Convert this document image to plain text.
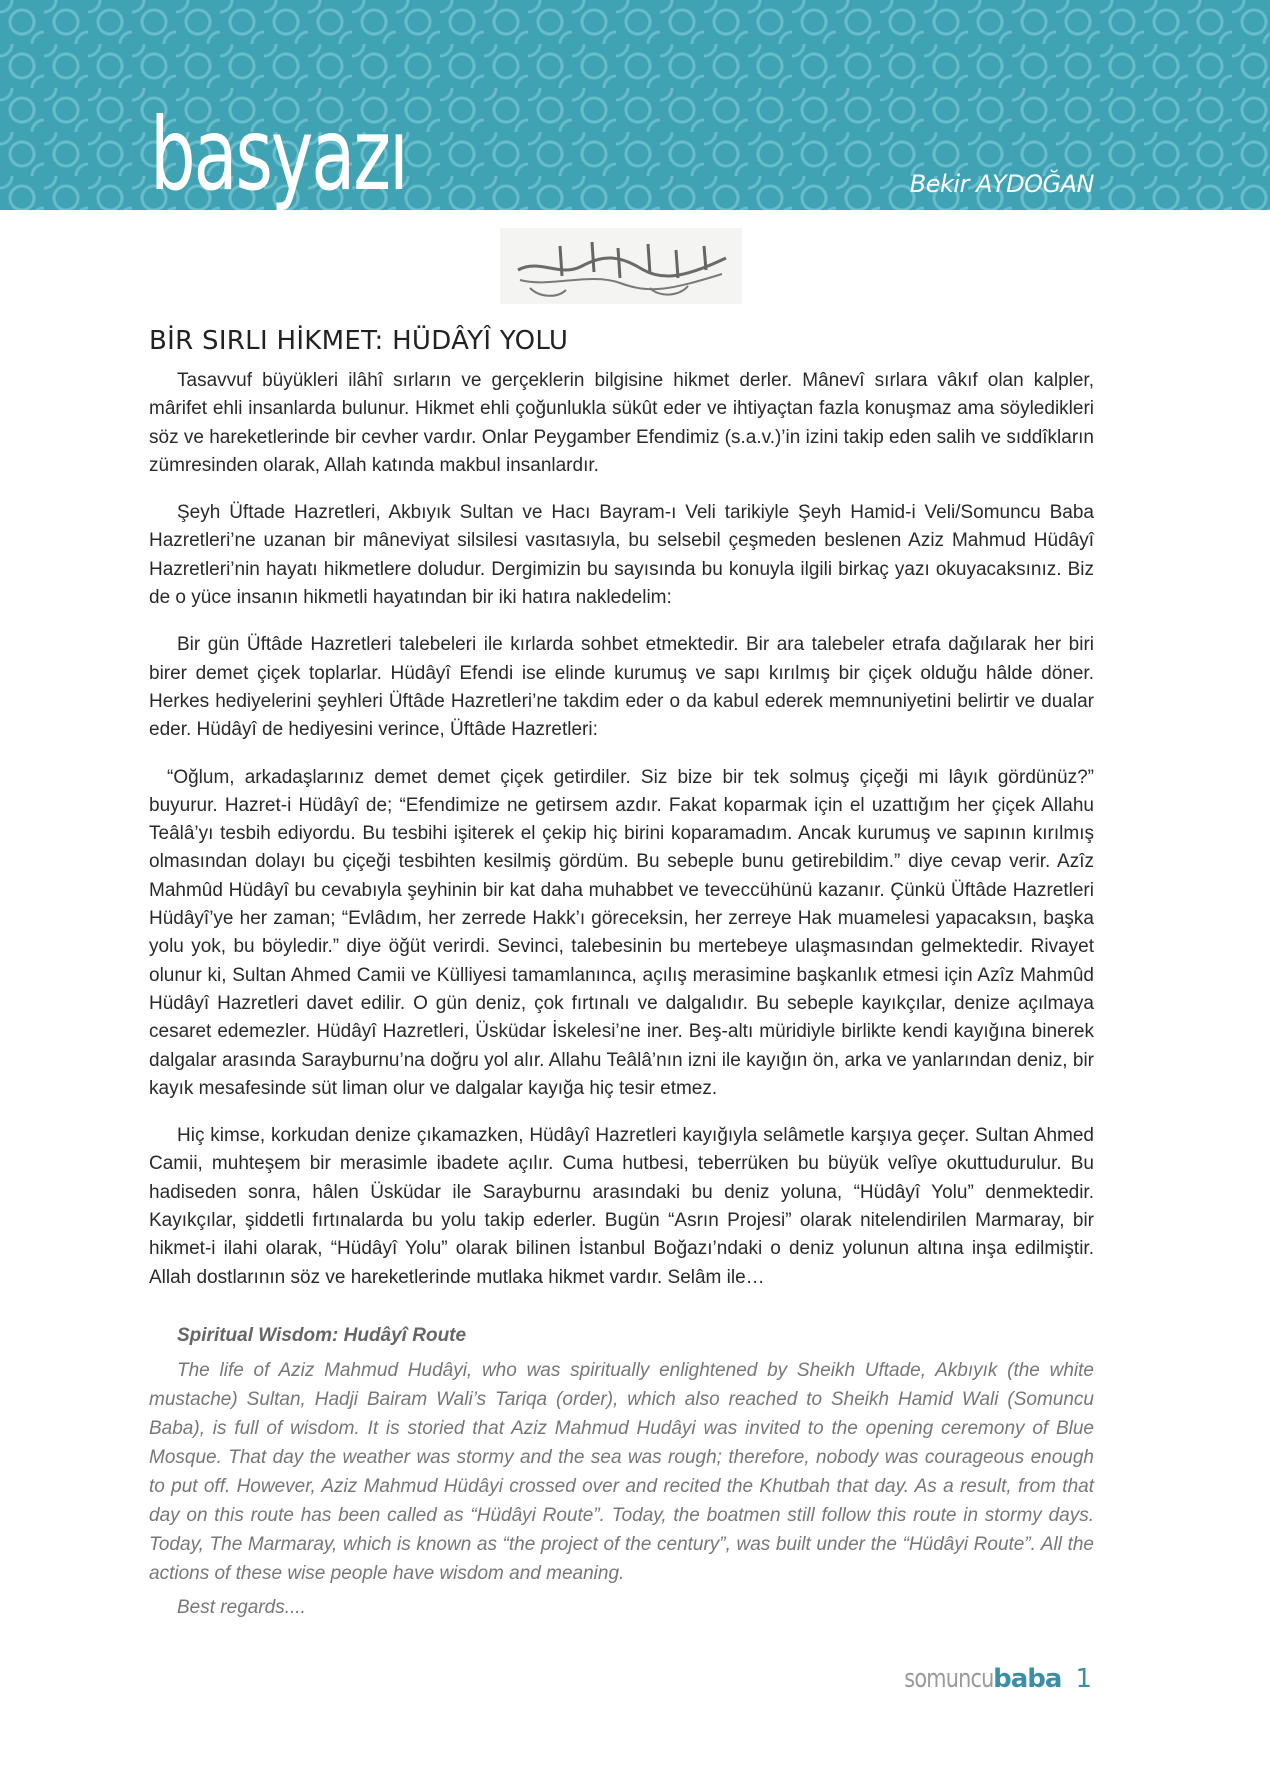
basyazı	Bekir AYDOĞAN
BİR SIRLI HİKMET: HÜDÂYÎ YOLU

Tasavvuf büyükleri ilâhî sırların ve gerçeklerin bilgisine hikmet derler. Mânevî sırlara vâkıf olan kalpler, mârifet ehli insanlarda bulunur. Hikmet ehli çoğunlukla sükût eder ve ihtiyaçtan fazla konuşmaz ama söyledikleri söz ve hareketlerinde bir cevher vardır. Onlar Peygamber Efendimiz (s.a.v.)’in izini takip eden salih ve sıddîkların zümresinden olarak, Allah katında makbul insanlardır.

Şeyh Üftade Hazretleri, Akbıyık Sultan ve Hacı Bayram-ı Veli tarikiyle Şeyh Hamid-i Veli/Somuncu Baba Hazretleri’ne uzanan bir mâneviyat silsilesi vasıtasıyla, bu selsebil çeşmeden beslenen Aziz Mahmud Hüdâyî Hazretleri’nin hayatı hikmetlere doludur. Dergimizin bu sayısında bu konuyla ilgili birkaç yazı okuyacaksınız. Biz de o yüce insanın hikmetli hayatından bir iki hatıra nakledelim:

Bir gün Üftâde Hazretleri talebeleri ile kırlarda sohbet etmektedir. Bir ara talebeler etrafa dağılarak her biri birer demet çiçek toplarlar. Hüdâyî Efendi ise elinde kurumuş ve sapı kırılmış bir çiçek olduğu hâlde döner. Herkes hediyelerini şeyhleri Üftâde Hazretleri’ne takdim eder o da kabul ederek memnuniyetini belirtir ve dualar eder. Hüdâyî de hediyesini verince, Üftâde Hazretleri:

“Oğlum, arkadaşlarınız demet demet çiçek getirdiler. Siz bize bir tek solmuş çiçeği mi lâyık gördünüz?” buyurur. Hazret-i Hüdâyî de; “Efendimize ne getirsem azdır. Fakat koparmak için el uzattığım her çiçek Allahu Teâlâ’yı tesbih ediyordu. Bu tesbihi işiterek el çekip hiç birini koparamadım. Ancak kurumuş ve sapının kırılmış olmasından dolayı bu çiçeği tesbihten kesilmiş gördüm. Bu sebeple bunu getirebildim.” diye cevap verir. Azîz Mahmûd Hüdâyî bu cevabıyla şeyhinin bir kat daha muhabbet ve teveccühünü kazanır. Çünkü Üftâde Hazretleri Hüdâyî’ye her zaman; “Evlâdım, her zerrede Hakk’ı göreceksin, her zerreye Hak muamelesi yapacaksın, başka yolu yok, bu böyledir.” diye öğüt verirdi. Sevinci, talebesinin bu mertebeye ulaşmasından gelmektedir. Rivayet olunur ki, Sultan Ahmed Camii ve Külliyesi tamamlanınca, açılış merasimine başkanlık etmesi için Azîz Mahmûd Hüdâyî Hazretleri davet edilir. O gün deniz, çok fırtınalı ve dalgalıdır. Bu sebeple kayıkçılar, denize açılmaya cesaret edemezler. Hüdâyî Hazretleri, Üsküdar İskelesi’ne iner. Beş-altı müridiyle birlikte kendi kayığına binerek dalgalar arasında Sarayburnu’na doğru yol alır. Allahu Teâlâ’nın izni ile kayığın ön, arka ve yanlarından deniz, bir kayık mesafesinde süt liman olur ve dalgalar kayığa hiç tesir etmez.

Hiç kimse, korkudan denize çıkamazken, Hüdâyî Hazretleri kayığıyla selâmetle karşıya geçer. Sultan Ahmed Camii, muhteşem bir merasimle ibadete açılır. Cuma hutbesi, teberrüken bu büyük velîye okuttudurulur. Bu hadiseden sonra, hâlen Üsküdar ile Sarayburnu arasındaki bu deniz yoluna, “Hüdâyî Yolu” denmektedir. Kayıkçılar, şiddetli fırtınalarda bu yolu takip ederler. Bugün “Asrın Projesi” olarak nitelendirilen Marmaray, bir hikmet-i ilahi olarak, “Hüdâyî Yolu” olarak bilinen İstanbul Boğazı’ndaki o deniz yolunun altına inşa edilmiştir. Allah dostlarının söz ve hareketlerinde mutlaka hikmet vardır. Selâm ile…

Spiritual Wisdom: Hudâyî Route

The life of Aziz Mahmud Hudâyi, who was spiritually enlightened by Sheikh Uftade, Akbıyık (the white mustache) Sultan, Hadji Bairam Wali’s Tariqa (order), which also reached to Sheikh Hamid Wali (Somuncu Baba), is full of wisdom. It is storied that Aziz Mahmud Hudâyi was invited to the opening ceremony of Blue Mosque. That day the weather was stormy and the sea was rough; therefore, nobody was courageous enough to put off. However, Aziz Mahmud Hüdâyi crossed over and recited the Khutbah that day. As a result, from that day on this route has been called as “Hüdâyi Route”. Today, the boatmen still follow this route in stormy days. Today, The Marmaray, which is known as “the project of the century”, was built under the “Hüdâyi Route”. All the actions of these wise people have wisdom and meaning.

Best regards....

somuncu baba 1
